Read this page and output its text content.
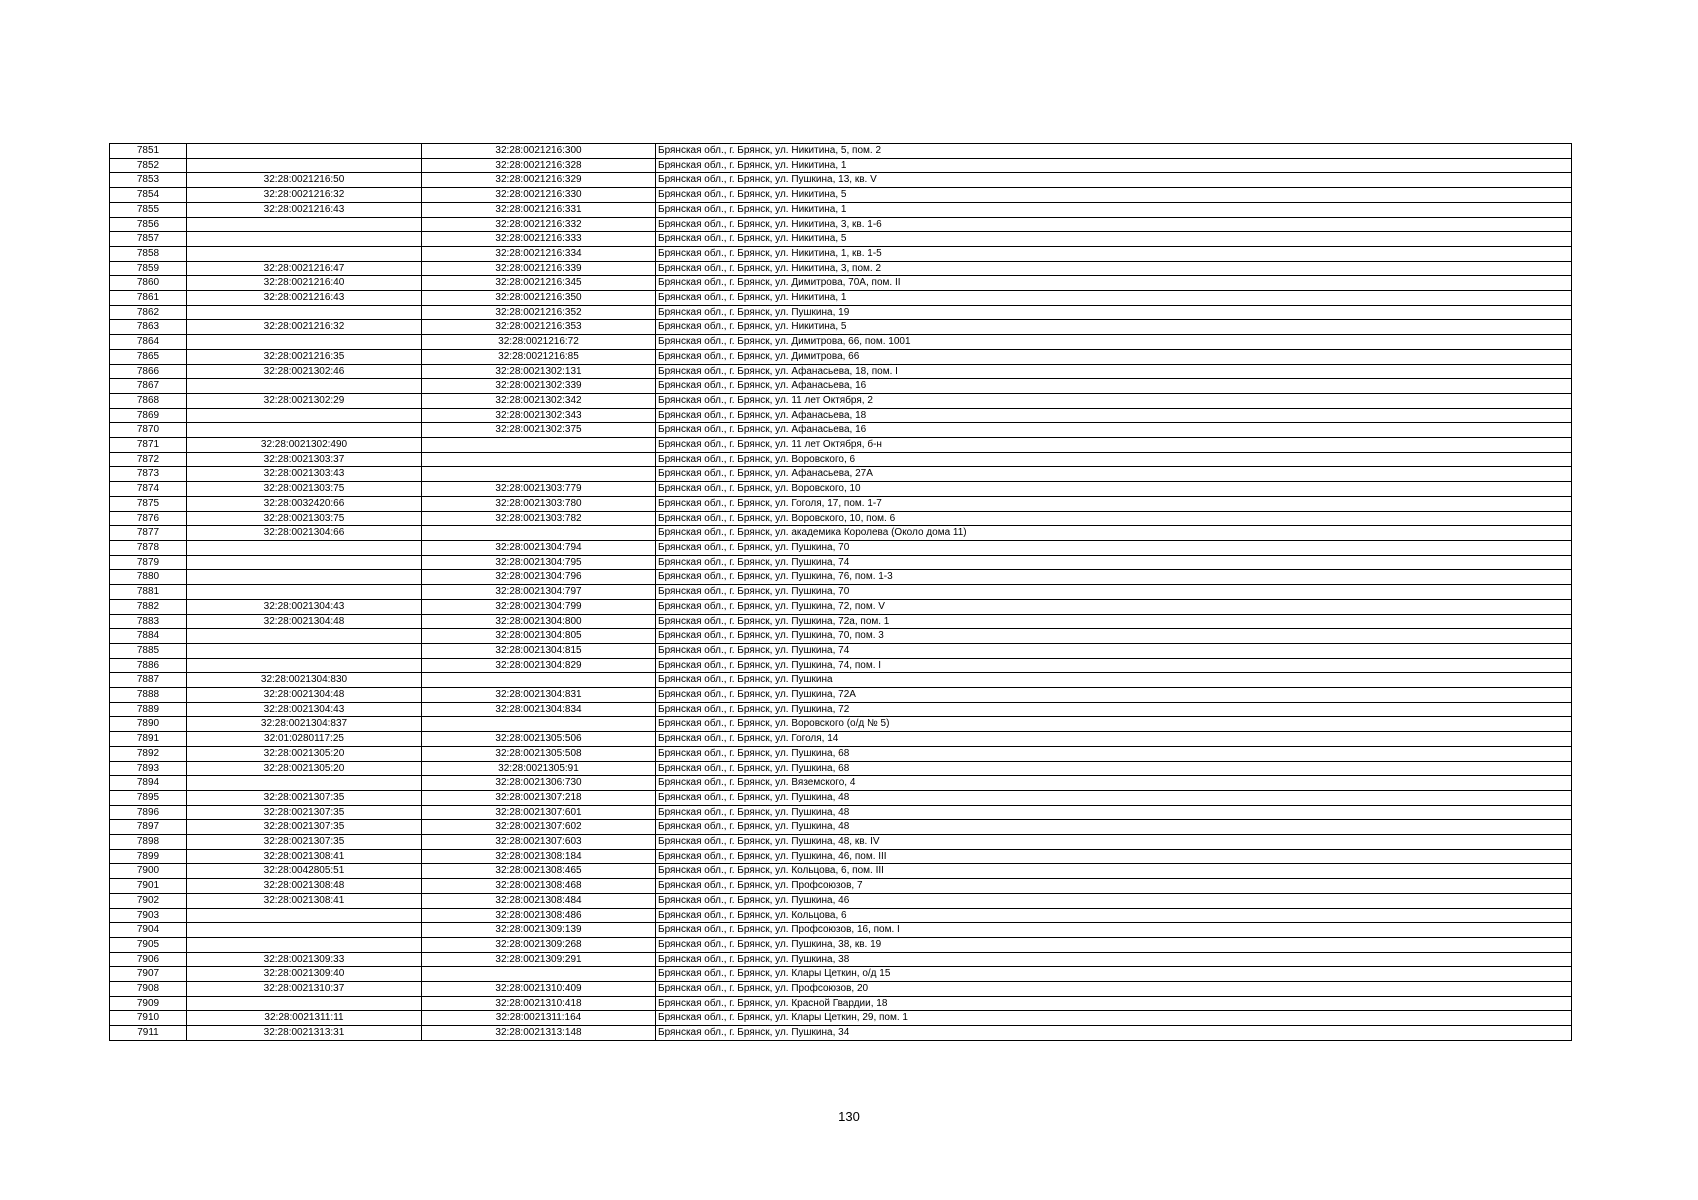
7851		32:28:0021216:300	Брянская обл., г. Брянск, ул. Никитина, 5, пом. 2
7852		32:28:0021216:328	Брянская обл., г. Брянск, ул. Никитина, 1
7853	32:28:0021216:50	32:28:0021216:329	Брянская обл., г. Брянск, ул. Пушкина, 13, кв. V
7854	32:28:0021216:32	32:28:0021216:330	Брянская обл., г. Брянск, ул. Никитина, 5
7855	32:28:0021216:43	32:28:0021216:331	Брянская обл., г. Брянск, ул. Никитина, 1
7856		32:28:0021216:332	Брянская обл., г. Брянск, ул. Никитина, 3, кв. 1-6
7857		32:28:0021216:333	Брянская обл., г. Брянск, ул. Никитина, 5
7858		32:28:0021216:334	Брянская обл., г. Брянск, ул. Никитина, 1, кв. 1-5
7859	32:28:0021216:47	32:28:0021216:339	Брянская обл., г. Брянск, ул. Никитина, 3, пом. 2
7860	32:28:0021216:40	32:28:0021216:345	Брянская обл., г. Брянск, ул. Димитрова, 70А, пом. II
7861	32:28:0021216:43	32:28:0021216:350	Брянская обл., г. Брянск, ул. Никитина, 1
7862		32:28:0021216:352	Брянская обл., г. Брянск, ул. Пушкина, 19
7863	32:28:0021216:32	32:28:0021216:353	Брянская обл., г. Брянск, ул. Никитина, 5
7864		32:28:0021216:72	Брянская обл., г. Брянск, ул. Димитрова, 66, пом. 1001
7865	32:28:0021216:35	32:28:0021216:85	Брянская обл., г. Брянск, ул. Димитрова, 66
7866	32:28:0021302:46	32:28:0021302:131	Брянская обл., г. Брянск, ул. Афанасьева, 18, пом. I
7867		32:28:0021302:339	Брянская обл., г. Брянск, ул. Афанасьева, 16
7868	32:28:0021302:29	32:28:0021302:342	Брянская обл., г. Брянск, ул. 11 лет Октября, 2
7869		32:28:0021302:343	Брянская обл., г. Брянск, ул. Афанасьева, 18
7870		32:28:0021302:375	Брянская обл., г. Брянск, ул. Афанасьева, 16
7871	32:28:0021302:490		Брянская обл., г. Брянск, ул. 11 лет Октября, б-н
7872	32:28:0021303:37		Брянская обл., г. Брянск, ул. Воровского, 6
7873	32:28:0021303:43		Брянская обл., г. Брянск, ул. Афанасьева, 27А
7874	32:28:0021303:75	32:28:0021303:779	Брянская обл., г. Брянск, ул. Воровского, 10
7875	32:28:0032420:66	32:28:0021303:780	Брянская обл., г. Брянск, ул. Гоголя, 17, пом. 1-7
7876	32:28:0021303:75	32:28:0021303:782	Брянская обл., г. Брянск, ул. Воровского, 10, пом. 6
7877	32:28:0021304:66		Брянская обл., г. Брянск, ул. академика Королева (Около дома 11)
7878		32:28:0021304:794	Брянская обл., г. Брянск, ул. Пушкина, 70
7879		32:28:0021304:795	Брянская обл., г. Брянск, ул. Пушкина, 74
7880		32:28:0021304:796	Брянская обл., г. Брянск, ул. Пушкина, 76, пом. 1-3
7881		32:28:0021304:797	Брянская обл., г. Брянск, ул. Пушкина, 70
7882	32:28:0021304:43	32:28:0021304:799	Брянская обл., г. Брянск, ул. Пушкина, 72, пом. V
7883	32:28:0021304:48	32:28:0021304:800	Брянская обл., г. Брянск, ул. Пушкина, 72а, пом. 1
7884		32:28:0021304:805	Брянская обл., г. Брянск, ул. Пушкина, 70, пом. 3
7885		32:28:0021304:815	Брянская обл., г. Брянск, ул. Пушкина, 74
7886		32:28:0021304:829	Брянская обл., г. Брянск, ул. Пушкина, 74, пом. I
7887	32:28:0021304:830		Брянская обл., г. Брянск, ул. Пушкина
7888	32:28:0021304:48	32:28:0021304:831	Брянская обл., г. Брянск, ул. Пушкина, 72А
7889	32:28:0021304:43	32:28:0021304:834	Брянская обл., г. Брянск, ул. Пушкина, 72
7890	32:28:0021304:837		Брянская обл., г. Брянск, ул. Воровского (о/д № 5)
7891	32:01:0280117:25	32:28:0021305:506	Брянская обл., г. Брянск, ул. Гоголя, 14
7892	32:28:0021305:20	32:28:0021305:508	Брянская обл., г. Брянск, ул. Пушкина, 68
7893	32:28:0021305:20	32:28:0021305:91	Брянская обл., г. Брянск, ул. Пушкина, 68
7894		32:28:0021306:730	Брянская обл., г. Брянск, ул. Вяземского, 4
7895	32:28:0021307:35	32:28:0021307:218	Брянская обл., г. Брянск, ул. Пушкина, 48
7896	32:28:0021307:35	32:28:0021307:601	Брянская обл., г. Брянск, ул. Пушкина, 48
7897	32:28:0021307:35	32:28:0021307:602	Брянская обл., г. Брянск, ул. Пушкина, 48
7898	32:28:0021307:35	32:28:0021307:603	Брянская обл., г. Брянск, ул. Пушкина, 48, кв. IV
7899	32:28:0021308:41	32:28:0021308:184	Брянская обл., г. Брянск, ул. Пушкина, 46, пом. III
7900	32:28:0042805:51	32:28:0021308:465	Брянская обл., г. Брянск, ул. Кольцова, 6, пом. III
7901	32:28:0021308:48	32:28:0021308:468	Брянская обл., г. Брянск, ул. Профсоюзов, 7
7902	32:28:0021308:41	32:28:0021308:484	Брянская обл., г. Брянск, ул. Пушкина, 46
7903		32:28:0021308:486	Брянская обл., г. Брянск, ул. Кольцова, 6
7904		32:28:0021309:139	Брянская обл., г. Брянск, ул. Профсоюзов, 16, пом. I
7905		32:28:0021309:268	Брянская обл., г. Брянск, ул. Пушкина, 38, кв. 19
7906	32:28:0021309:33	32:28:0021309:291	Брянская обл., г. Брянск, ул. Пушкина, 38
7907	32:28:0021309:40		Брянская обл., г. Брянск, ул. Клары Цеткин, о/д 15
7908	32:28:0021310:37	32:28:0021310:409	Брянская обл., г. Брянск, ул. Профсоюзов, 20
7909		32:28:0021310:418	Брянская обл., г. Брянск, ул. Красной Гвардии, 18
7910	32:28:0021311:11	32:28:0021311:164	Брянская обл., г. Брянск, ул. Клары Цеткин, 29, пом. 1
7911	32:28:0021313:31	32:28:0021313:148	Брянская обл., г. Брянск, ул. Пушкина, 34
130
